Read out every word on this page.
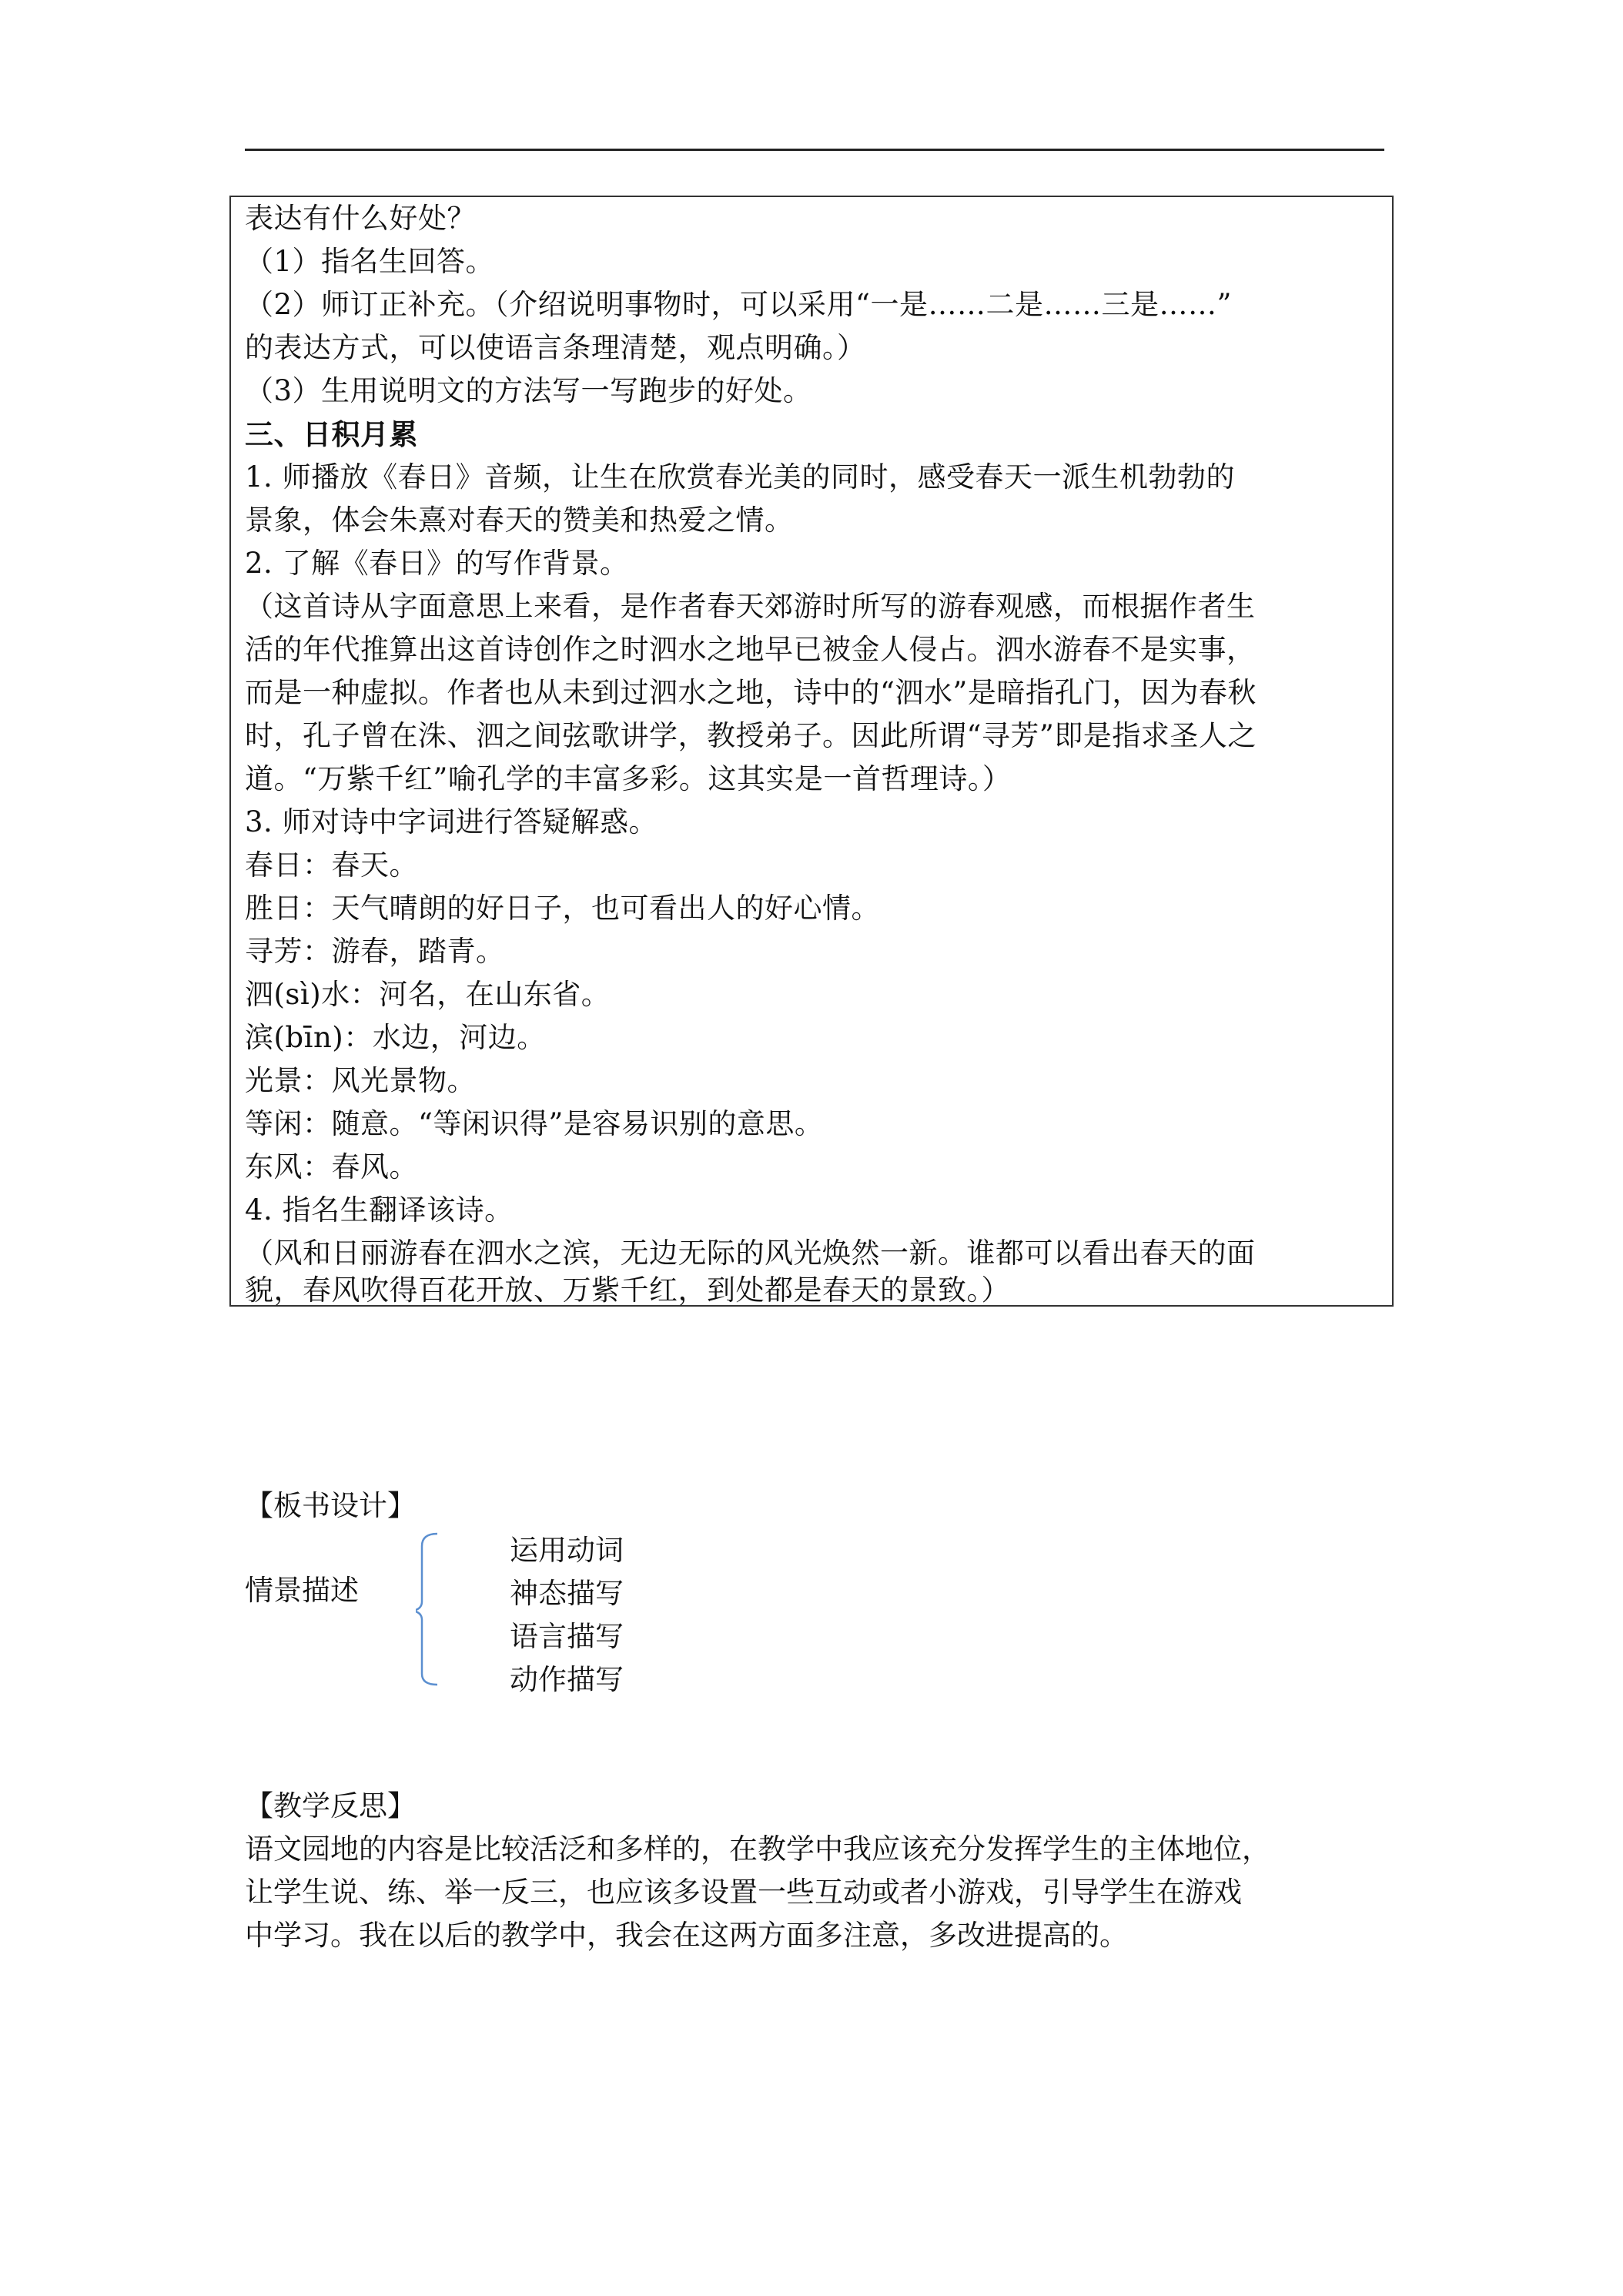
表达有什么好处？
（1）指名生回答。
（2）师订正补充。（介绍说明事物时，可以采用“一是……二是……三是……”
的表达方式，可以使语言条理清楚，观点明确。）
（3）生用说明文的方法写一写跑步的好处。
三、日积月累
1. 师播放《春日》音频，让生在欣赏春光美的同时，感受春天一派生机勃勃的
景象，体会朱熹对春天的赞美和热爱之情。
2. 了解《春日》的写作背景。
（这首诗从字面意思上来看，是作者春天郊游时所写的游春观感，而根据作者生
活的年代推算出这首诗创作之时泗水之地早已被金人侵占。泗水游春不是实事，
而是一种虚拟。作者也从未到过泗水之地，诗中的“泗水”是暗指孔门，因为春秋
时，孔子曾在洙、泗之间弦歌讲学，教授弟子。因此所谓“寻芳”即是指求圣人之
道。“万紫千红”喻孔学的丰富多彩。这其实是一首哲理诗。）
3. 师对诗中字词进行答疑解惑。
春日：春天。
胜日：天气晴朗的好日子，也可看出人的好心情。
寻芳：游春，踏青。
泗(sì)水：河名，在山东省。
滨(bīn)：水边，河边。
光景：风光景物。
等闲：随意。“等闲识得”是容易识别的意思。
东风：春风。
4. 指名生翻译该诗。
（风和日丽游春在泗水之滨，无边无际的风光焕然一新。谁都可以看出春天的面
貌，春风吹得百花开放、万紫千红，到处都是春天的景致。）
【板书设计】
情景描述
运用动词
神态描写
语言描写
动作描写
【教学反思】
语文园地的内容是比较活泛和多样的，在教学中我应该充分发挥学生的主体地位，
让学生说、练、举一反三，也应该多设置一些互动或者小游戏，引导学生在游戏
中学习。我在以后的教学中，我会在这两方面多注意，多改进提高的。
